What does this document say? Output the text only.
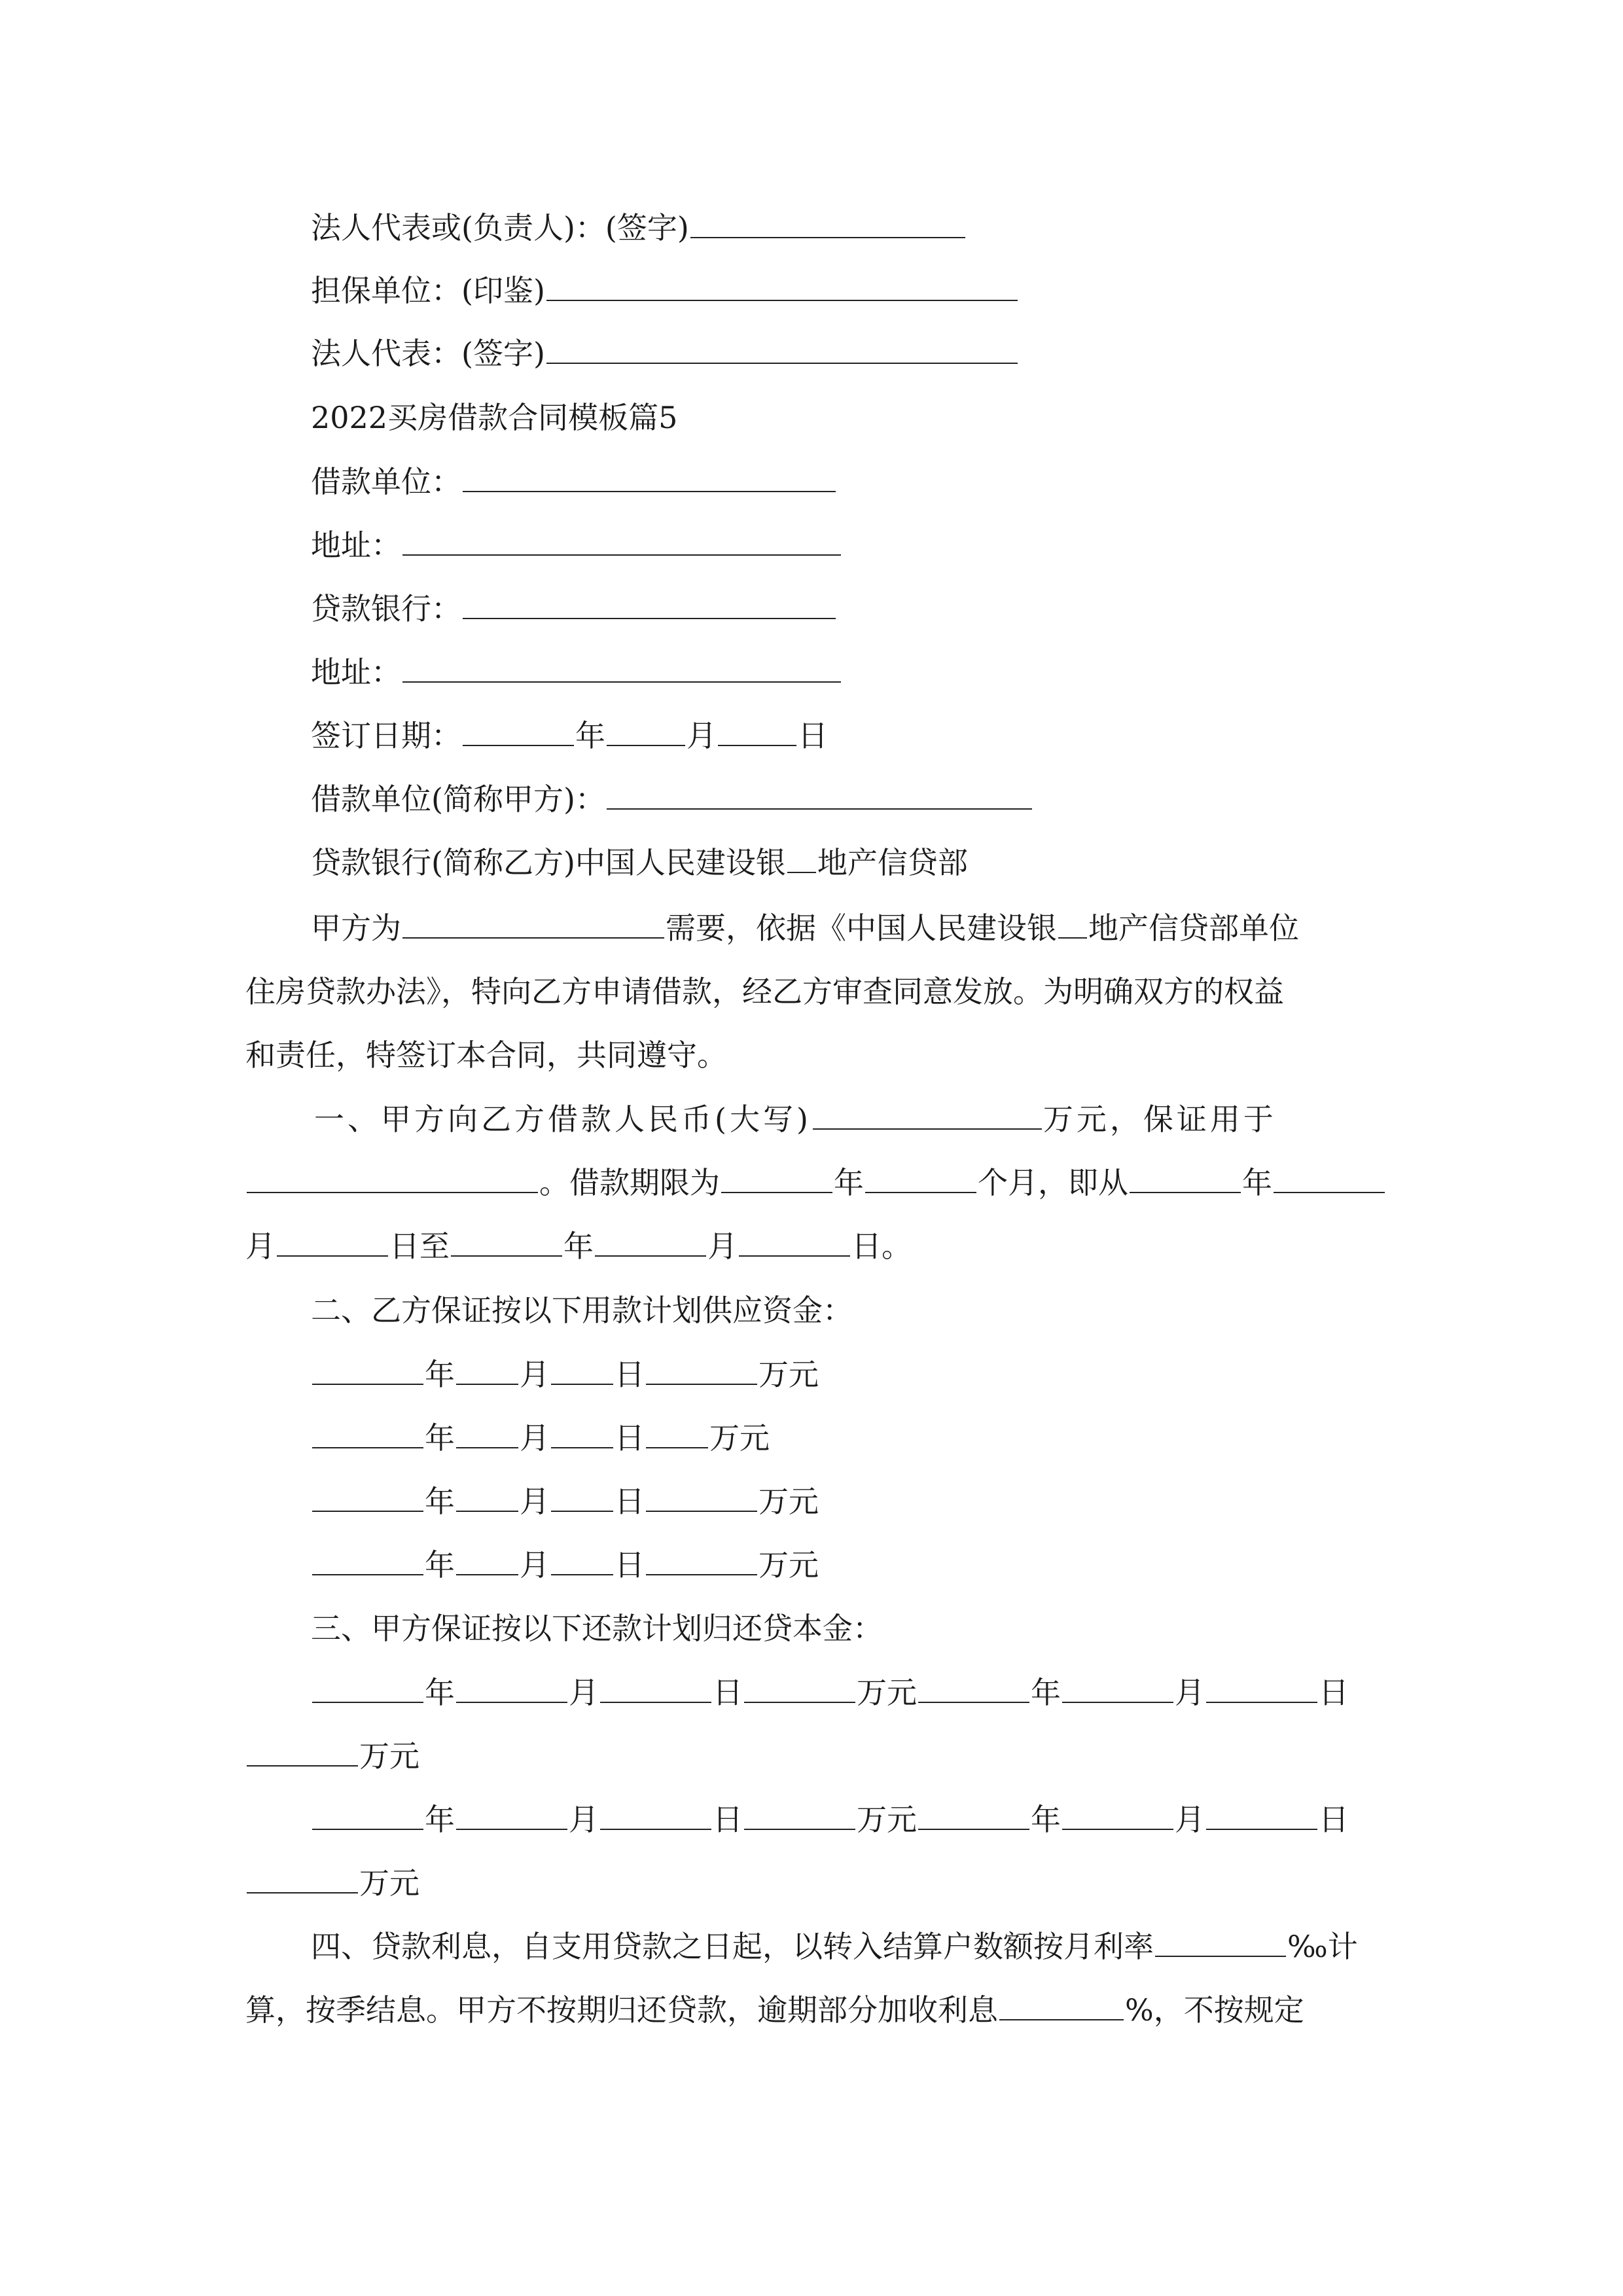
法人代表或(负责人)：(签字)
担保单位：(印鉴)
法人代表：(签字)
2022买房借款合同模板篇5
借款单位：
地址：
贷款银行：
地址：
签订日期：	年	月	日
借款单位(简称甲方)：
贷款银行(简称乙方)中国人民建设银 地产信贷部
甲方为	需要，依据《中国人民建设银 地产信贷部单位
住房贷款办法》，特向乙方申请借款，经乙方审查同意发放。为明确双方的权益
和责任，特签订本合同，共同遵守。
一、甲方向乙方借款人民币(大写)	万元，保证用于
。借款期限为	年	个月，即从	年
月	日至	年	月	日。
二、乙方保证按以下用款计划供应资金：
年 月 日	万元
年 月 日 万元
年 月 日	万元
年 月 日	万元
三、甲方保证按以下还款计划归还贷本金：
年	月	日	万元	年	月	日
万元
年	月	日	万元	年	月	日
万元
四、贷款利息，自支用贷款之日起，以转入结算户数额按月利率	‰计
算，按季结息。甲方不按期归还贷款，逾期部分加收利息	%，不按规定
